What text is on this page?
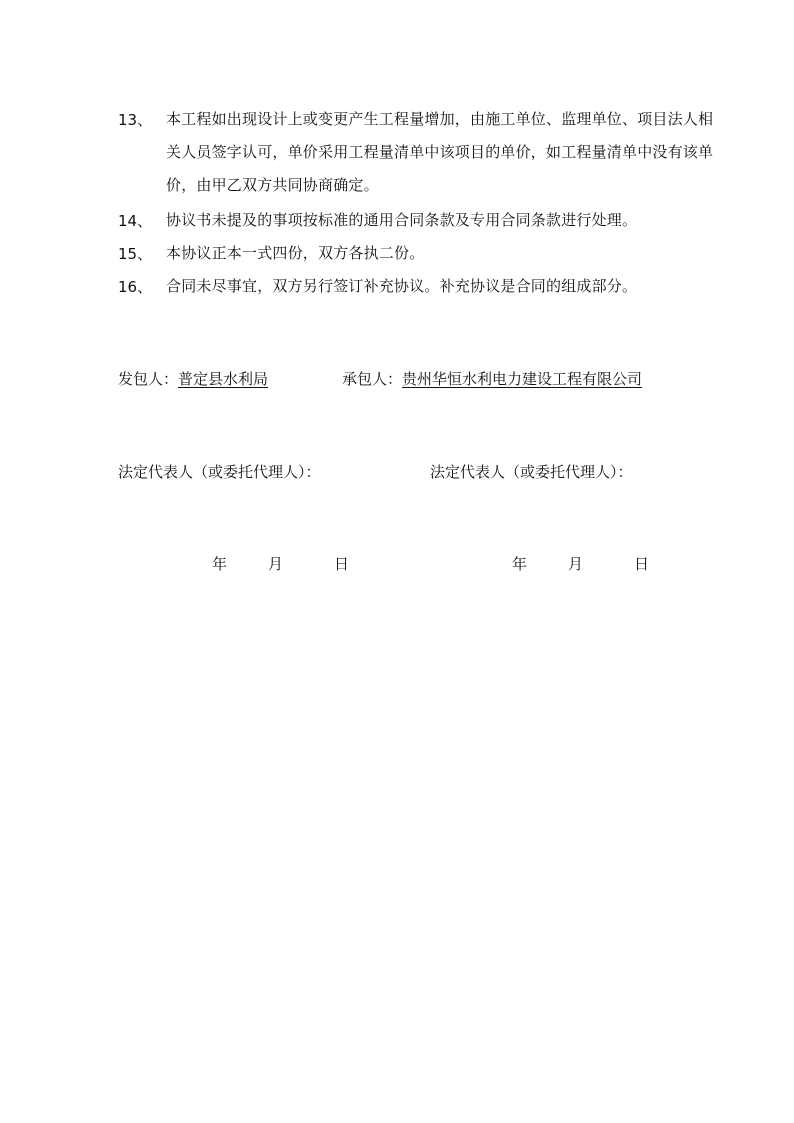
13、 本工程如出现设计上或变更产生工程量增加，由施工单位、监理单位、项目法人相关人员签字认可，单价采用工程量清单中该项目的单价，如工程量清单中没有该单价，由甲乙双方共同协商确定。
14、 协议书未提及的事项按标准的通用合同条款及专用合同条款进行处理。
15、 本协议正本一式四份，双方各执二份。
16、 合同未尽事宜，双方另行签订补充协议。补充协议是合同的组成部分。
发包人：普定县水利局	承包人：贵州华恒水利电力建设工程有限公司
法定代表人（或委托代理人）：	法定代表人（或委托代理人）：
年	月	日	年	月	日
